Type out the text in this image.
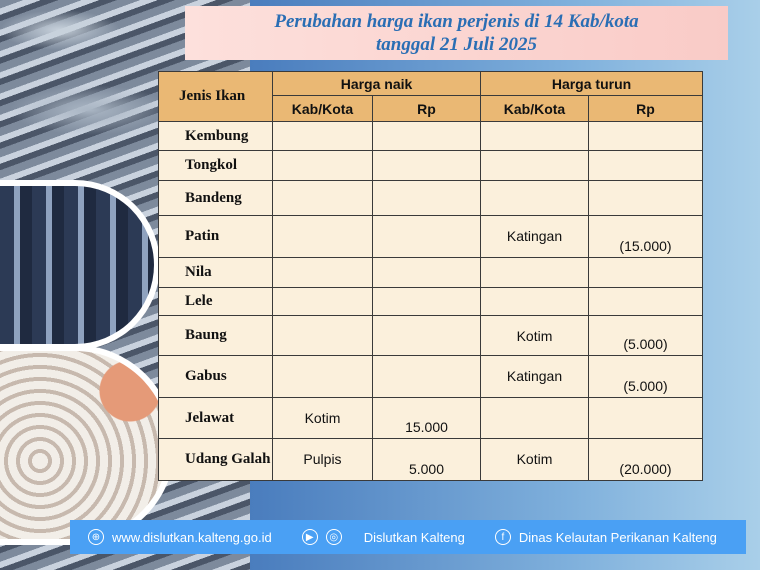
Perubahan harga ikan perjenis di 14 Kab/kota
tanggal 21 Juli 2025
Jenis Ikan	Harga naik		Harga turun	
	Kab/Kota	Rp	Kab/Kota	Rp
Kembung				
Tongkol				
Bandeng				
Patin			Katingan	(15.000)
Nila				
Lele				
Baung			Kotim	(5.000)
Gabus			Katingan	(5.000)
Jelawat	Kotim	15.000		
Udang Galah	Pulpis	5.000	Kotim	(20.000)
⊕ www.dislutkan.kalteng.go.id	▶	◎ Dislutkan Kalteng	f	Dinas Kelautan Perikanan Kalteng
